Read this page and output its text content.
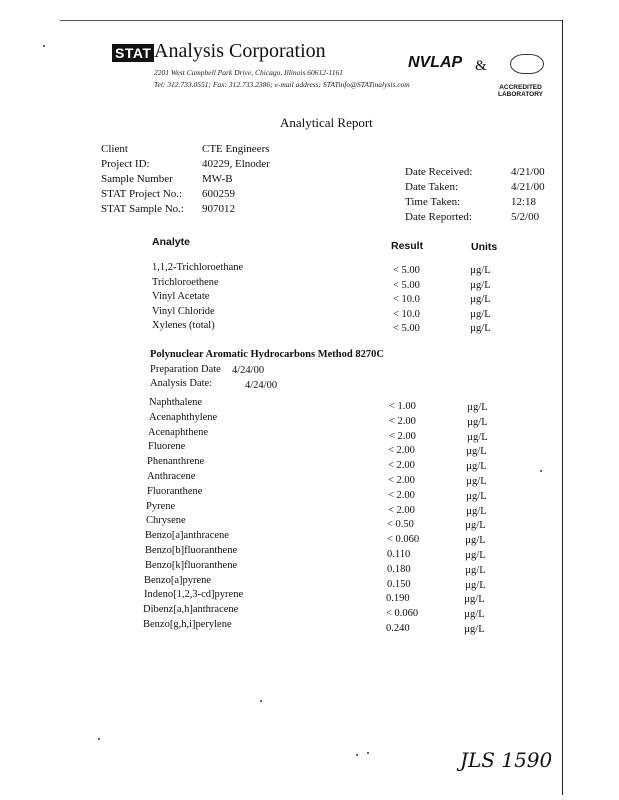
STAT Analysis Corporation
2201 West Campbell Park Drive, Chicago, Illinois 60612-1161
Tel: 312.733.0551; Fax: 312.733.2386; e-mail address: STATinfo@STATinalysis.com
NVLAP &
ACCREDITED
LABORATORY
Analytical Report
Client	CTE Engineers
Project ID:	40229, Elnoder
Sample Number	MW-B
STAT Project No.: 600259
STAT Sample No.: 907012
Date Received:	4/21/00
Date Taken:	4/21/00
Time Taken:	12:18
Date Reported:	5/2/00
Analyte	Result	Units
1,1,2-Trichloroethane	< 5.00	µg/L
Trichloroethene	< 5.00	µg/L
Vinyl Acetate	< 10.0	µg/L
Vinyl Chloride	< 10.0	µg/L
Xylenes (total)	< 5.00	µg/L
Polynuclear Aromatic Hydrocarbons Method 8270C
Preparation Date 4/24/00
Analysis Date:	4/24/00
Naphthalene	< 1.00	µg/L
Acenaphthylene	< 2.00	µg/L
Acenaphthene	< 2.00	µg/L
Fluorene	< 2.00	µg/L
Phenanthrene	< 2.00	µg/L
Anthracene	< 2.00	µg/L
Fluoranthene	< 2.00	µg/L
Pyrene	< 2.00	µg/L
Chrysene	< 0.50	µg/L
Benzo[a]anthracene	< 0.060	µg/L
Benzo[b]fluoranthene	0.110	µg/L
Benzo[k]fluoranthene	0.180	µg/L
Benzo[a]pyrene	0.150	µg/L
Indeno[1,2,3-cd]pyrene	0.190	µg/L
Dibenz[a,h]anthracene	< 0.060	µg/L
Benzo[g,h,i]perylene	0.240	µg/L
JLS 1590
